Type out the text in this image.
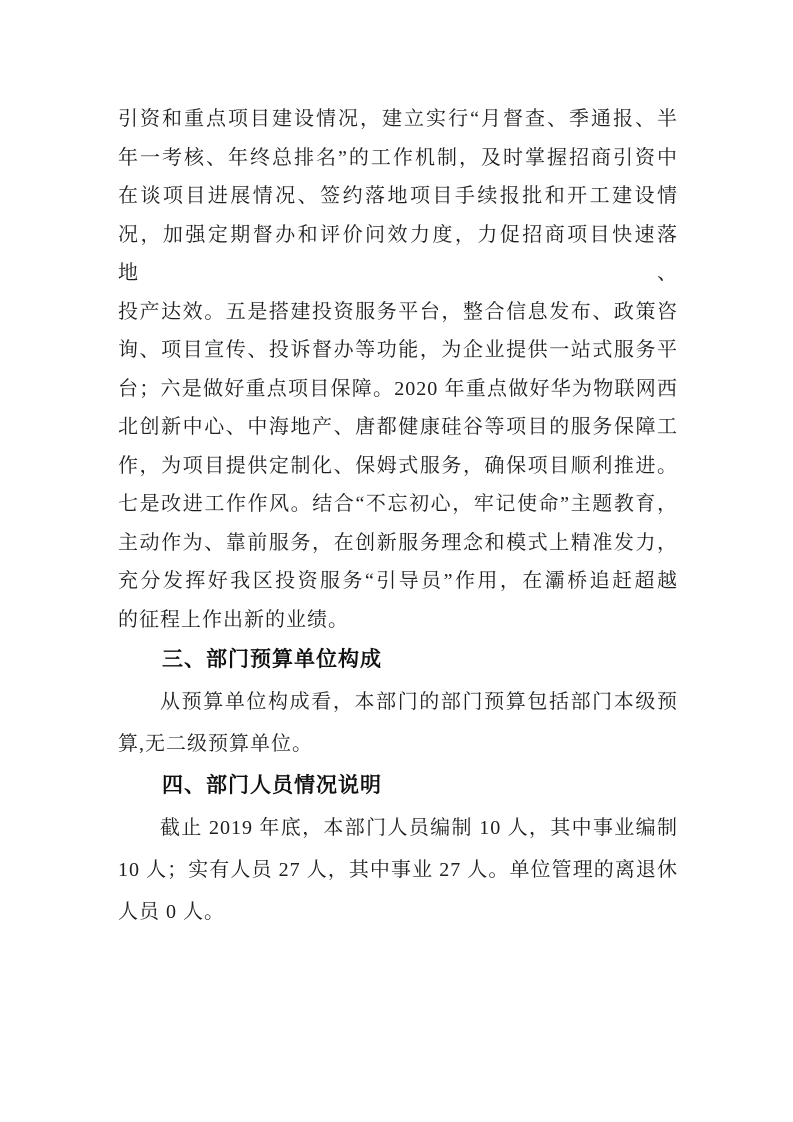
引资和重点项目建设情况，建立实行“月督查、季通报、半
年一考核、年终总排名”的工作机制，及时掌握招商引资中
在谈项目进展情况、签约落地项目手续报批和开工建设情
况，加强定期督办和评价问效力度，力促招商项目快速落地、
投产达效。五是搭建投资服务平台，整合信息发布、政策咨
询、项目宣传、投诉督办等功能，为企业提供一站式服务平
台；六是做好重点项目保障。2020 年重点做好华为物联网西
北创新中心、中海地产、唐都健康硅谷等项目的服务保障工
作，为项目提供定制化、保姆式服务，确保项目顺利推进。
七是改进工作作风。结合“不忘初心，牢记使命”主题教育，
主动作为、靠前服务，在创新服务理念和模式上精准发力，
充分发挥好我区投资服务“引导员”作用，在灞桥追赶超越
的征程上作出新的业绩。
三、部门预算单位构成
从预算单位构成看，本部门的部门预算包括部门本级预
算,无二级预算单位。
四、部门人员情况说明
截止 2019 年底，本部门人员编制 10 人，其中事业编制
10 人；实有人员 27 人，其中事业 27 人。单位管理的离退休
人员 0 人。
